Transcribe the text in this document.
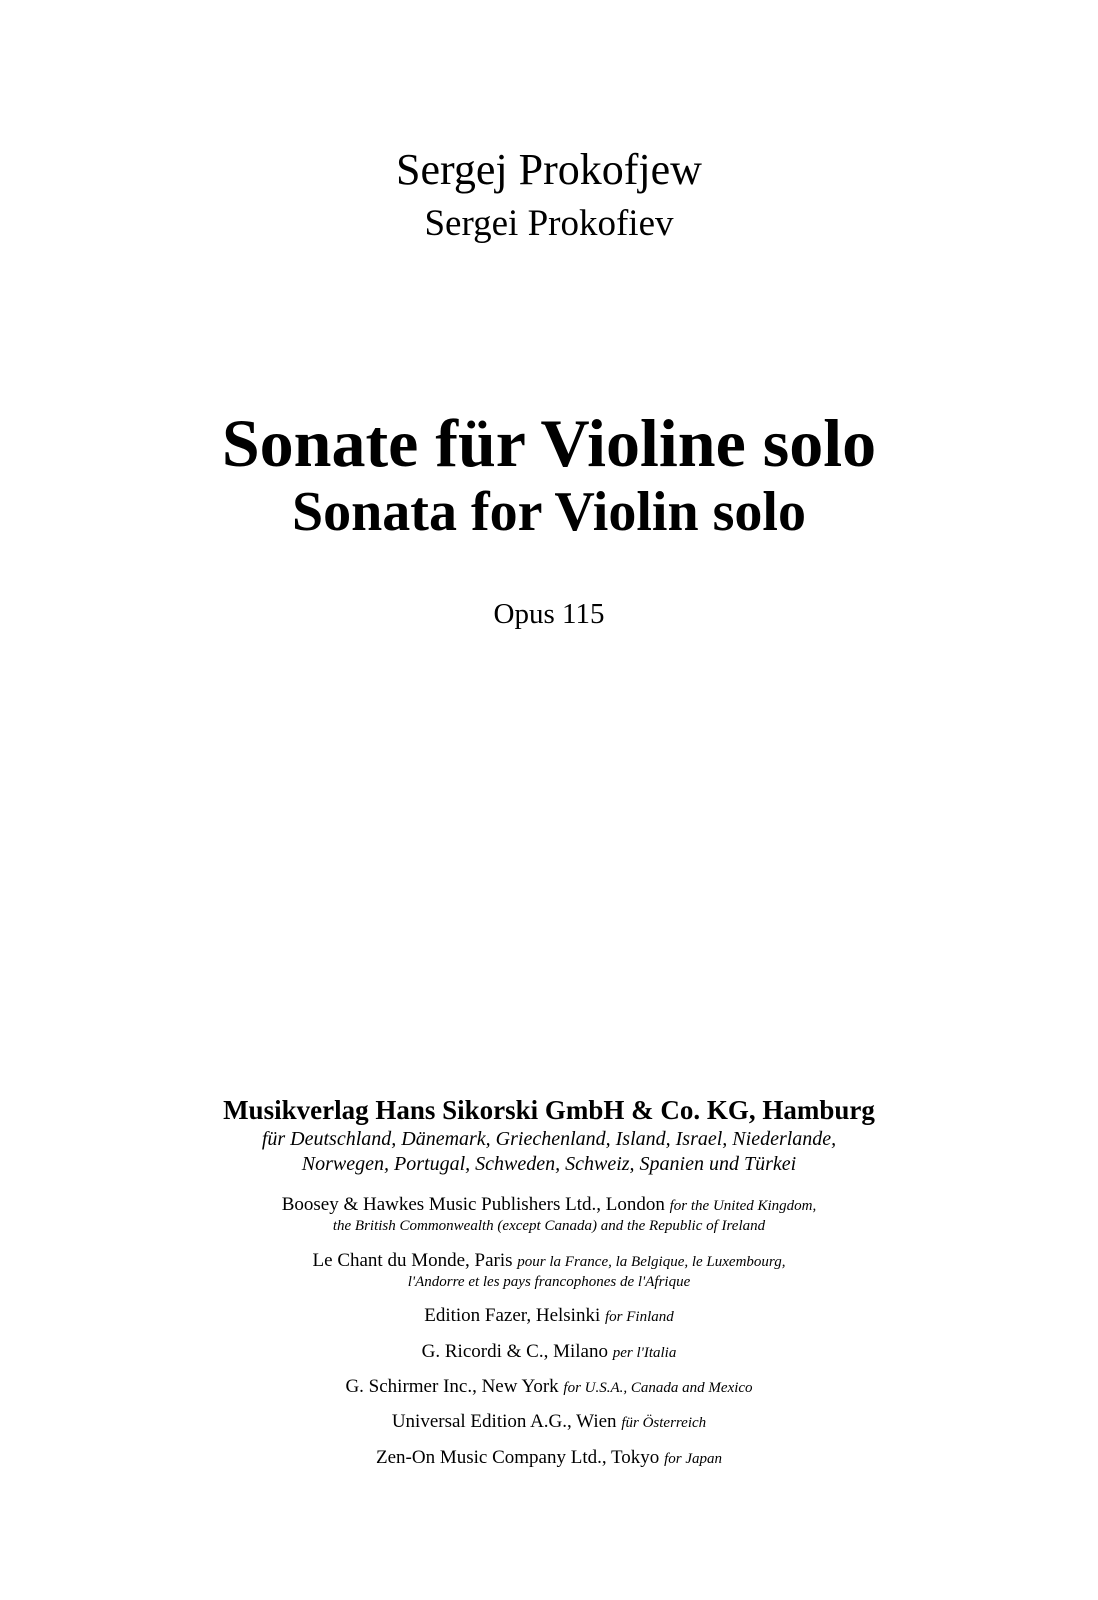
Sergej Prokofjew
Sergei Prokofiev
Sonate für Violine solo
Sonata for Violin solo
Opus 115
Musikverlag Hans Sikorski GmbH & Co. KG, Hamburg
für Deutschland, Dänemark, Griechenland, Island, Israel, Niederlande,
Norwegen, Portugal, Schweden, Schweiz, Spanien und Türkei
Boosey & Hawkes Music Publishers Ltd., London for the United Kingdom,
the British Commonwealth (except Canada) and the Republic of Ireland
Le Chant du Monde, Paris pour la France, la Belgique, le Luxembourg,
l'Andorre et les pays francophones de l'Afrique
Edition Fazer, Helsinki for Finland
G. Ricordi & C., Milano per l'Italia
G. Schirmer Inc., New York for U.S.A., Canada and Mexico
Universal Edition A.G., Wien für Österreich
Zen-On Music Company Ltd., Tokyo for Japan
